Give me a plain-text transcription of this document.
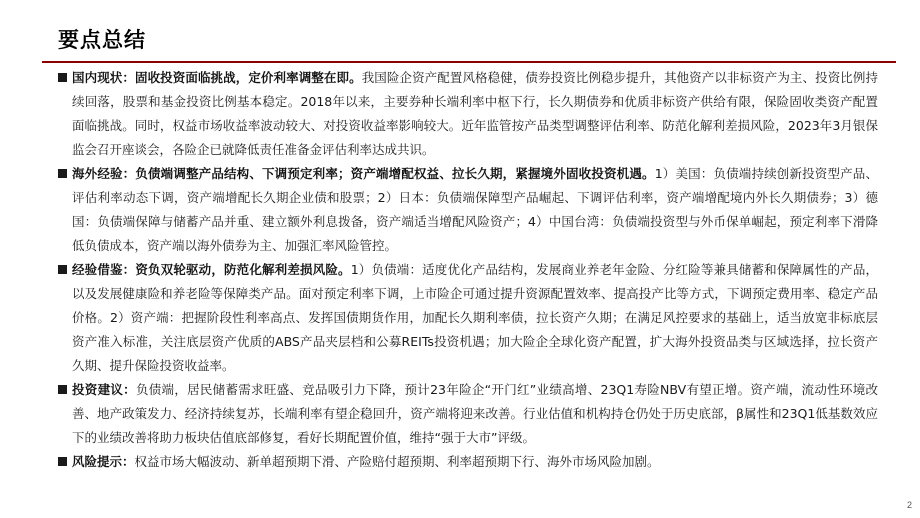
要点总结
国内现状：固收投资面临挑战，定价利率调整在即。我国险企资产配置风格稳健，债券投资比例稳步提升，其他资产以非标资产为主、投资比例持续回落，股票和基金投资比例基本稳定。2018年以来，主要券种长端利率中枢下行，长久期债券和优质非标资产供给有限，保险固收类资产配置面临挑战。同时，权益市场收益率波动较大、对投资收益率影响较大。近年监管按产品类型调整评估利率、防范化解利差损风险，2023年3月银保监会召开座谈会，各险企已就降低责任准备金评估利率达成共识。
海外经验：负债端调整产品结构、下调预定利率；资产端增配权益、拉长久期，紧握境外固收投资机遇。1）美国：负债端持续创新投资型产品、评估利率动态下调，资产端增配长久期企业债和股票；2）日本：负债端保障型产品崛起、下调评估利率，资产端增配境内外长久期债券；3）德国：负债端保障与储蓄产品并重、建立额外利息拨备，资产端适当增配风险资产；4）中国台湾：负债端投资型与外币保单崛起，预定利率下滑降低负债成本，资产端以海外债券为主、加强汇率风险管控。
经验借鉴：资负双轮驱动，防范化解利差损风险。1）负债端：适度优化产品结构，发展商业养老年金险、分红险等兼具储蓄和保障属性的产品，以及发展健康险和养老险等保障类产品。面对预定利率下调，上市险企可通过提升资源配置效率、提高投产比等方式，下调预定费用率、稳定产品价格。2）资产端：把握阶段性利率高点、发挥国债期货作用，加配长久期利率债，拉长资产久期；在满足风控要求的基础上，适当放宽非标底层资产准入标准，关注底层资产优质的ABS产品夹层档和公募REITs投资机遇；加大险企全球化资产配置，扩大海外投资品类与区域选择，拉长资产久期、提升保险投资收益率。
投资建议：负债端，居民储蓄需求旺盛、竞品吸引力下降，预计23年险企“开门红”业绩高增、23Q1寿险NBV有望正增。资产端，流动性环境改善、地产政策发力、经济持续复苏，长端利率有望企稳回升，资产端将迎来改善。行业估值和机构持仓仍处于历史底部，β属性和23Q1低基数效应下的业绩改善将助力板块估值底部修复，看好长期配置价值，维持“强于大市”评级。
风险提示：权益市场大幅波动、新单超预期下滑、产险赔付超预期、利率超预期下行、海外市场风险加剧。
2
